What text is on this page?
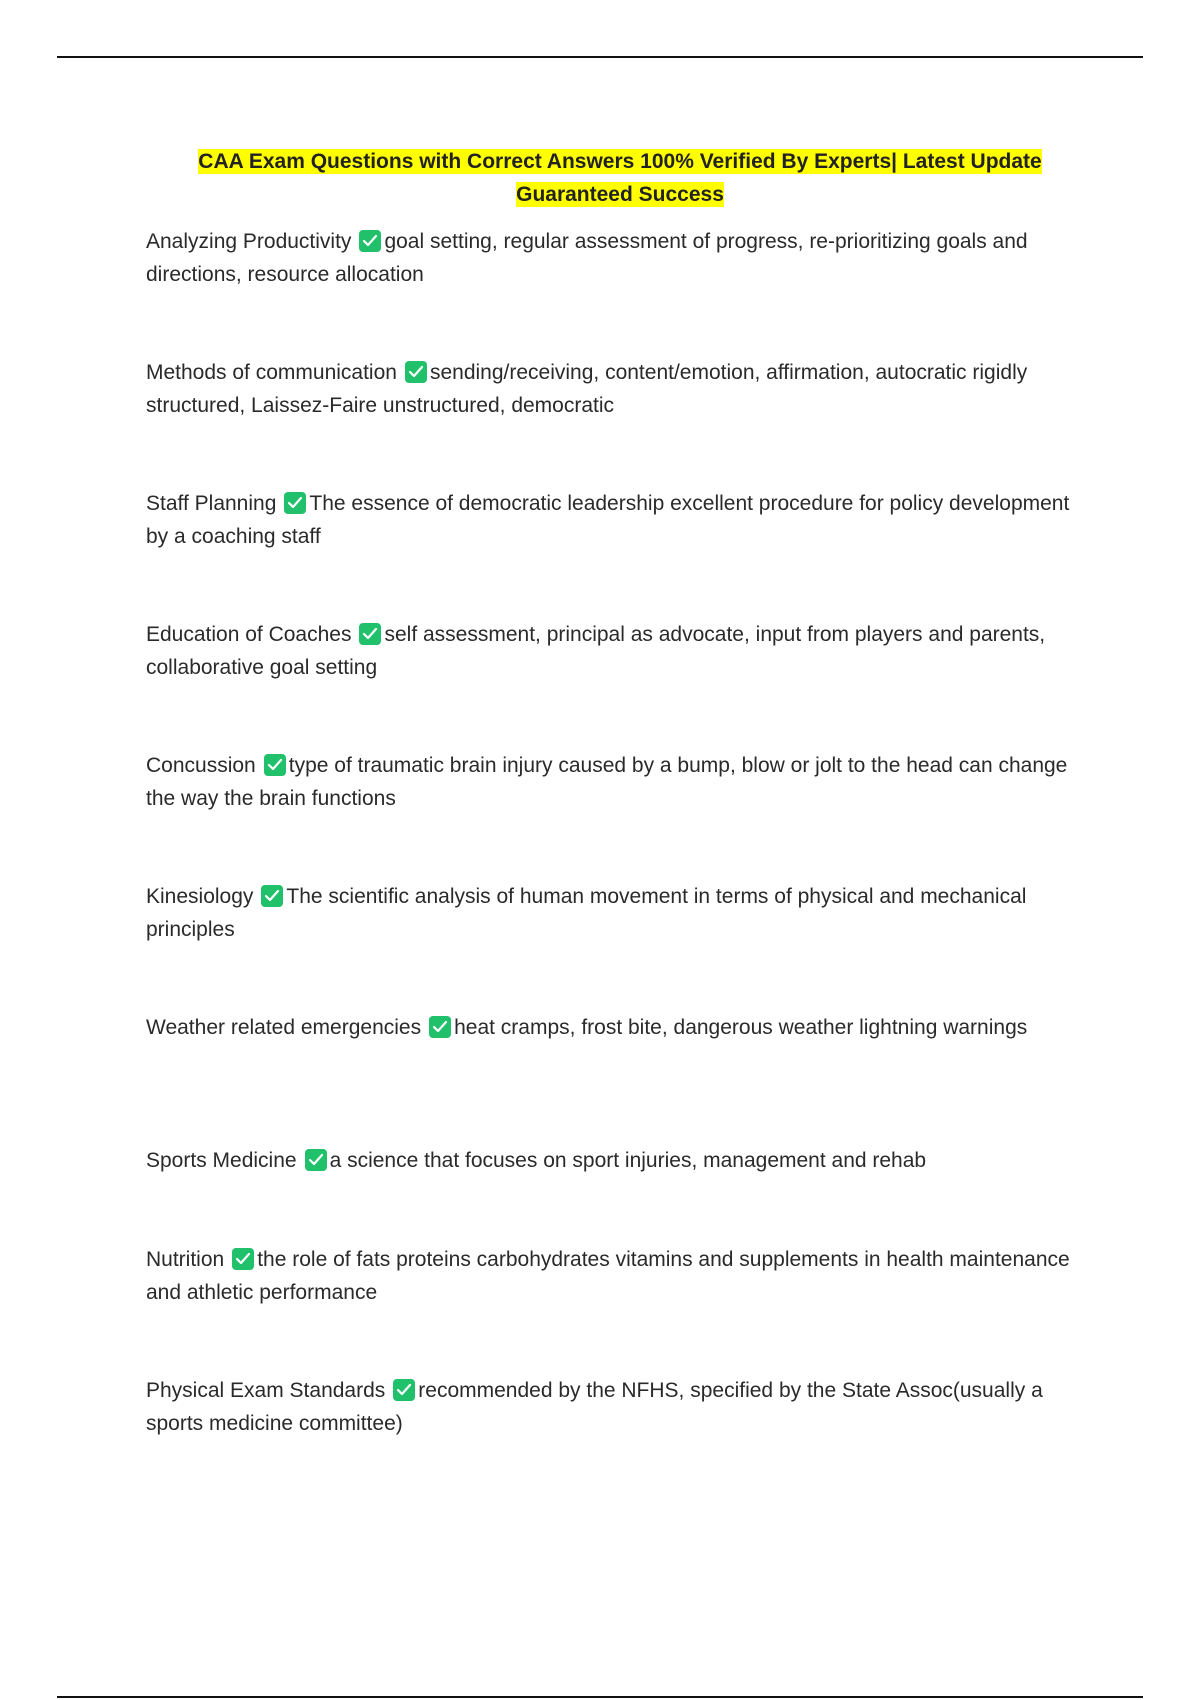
CAA Exam Questions with Correct Answers 100% Verified By Experts| Latest Update
Guaranteed Success

Analyzing Productivity goal setting, regular assessment of progress, re-prioritizing goals and directions, resource allocation

Methods of communication sending/receiving, content/emotion, affirmation, autocratic rigidly structured, Laissez-Faire unstructured, democratic

Staff Planning The essence of democratic leadership excellent procedure for policy development by a coaching staff

Education of Coaches self assessment, principal as advocate, input from players and parents, collaborative goal setting

Concussion type of traumatic brain injury caused by a bump, blow or jolt to the head can change the way the brain functions

Kinesiology The scientific analysis of human movement in terms of physical and mechanical principles

Weather related emergencies heat cramps, frost bite, dangerous weather lightning warnings

Sports Medicine a science that focuses on sport injuries, management and rehab

Nutrition the role of fats proteins carbohydrates vitamins and supplements in health maintenance and athletic performance

Physical Exam Standards recommended by the NFHS, specified by the State Assoc(usually a sports medicine committee)
